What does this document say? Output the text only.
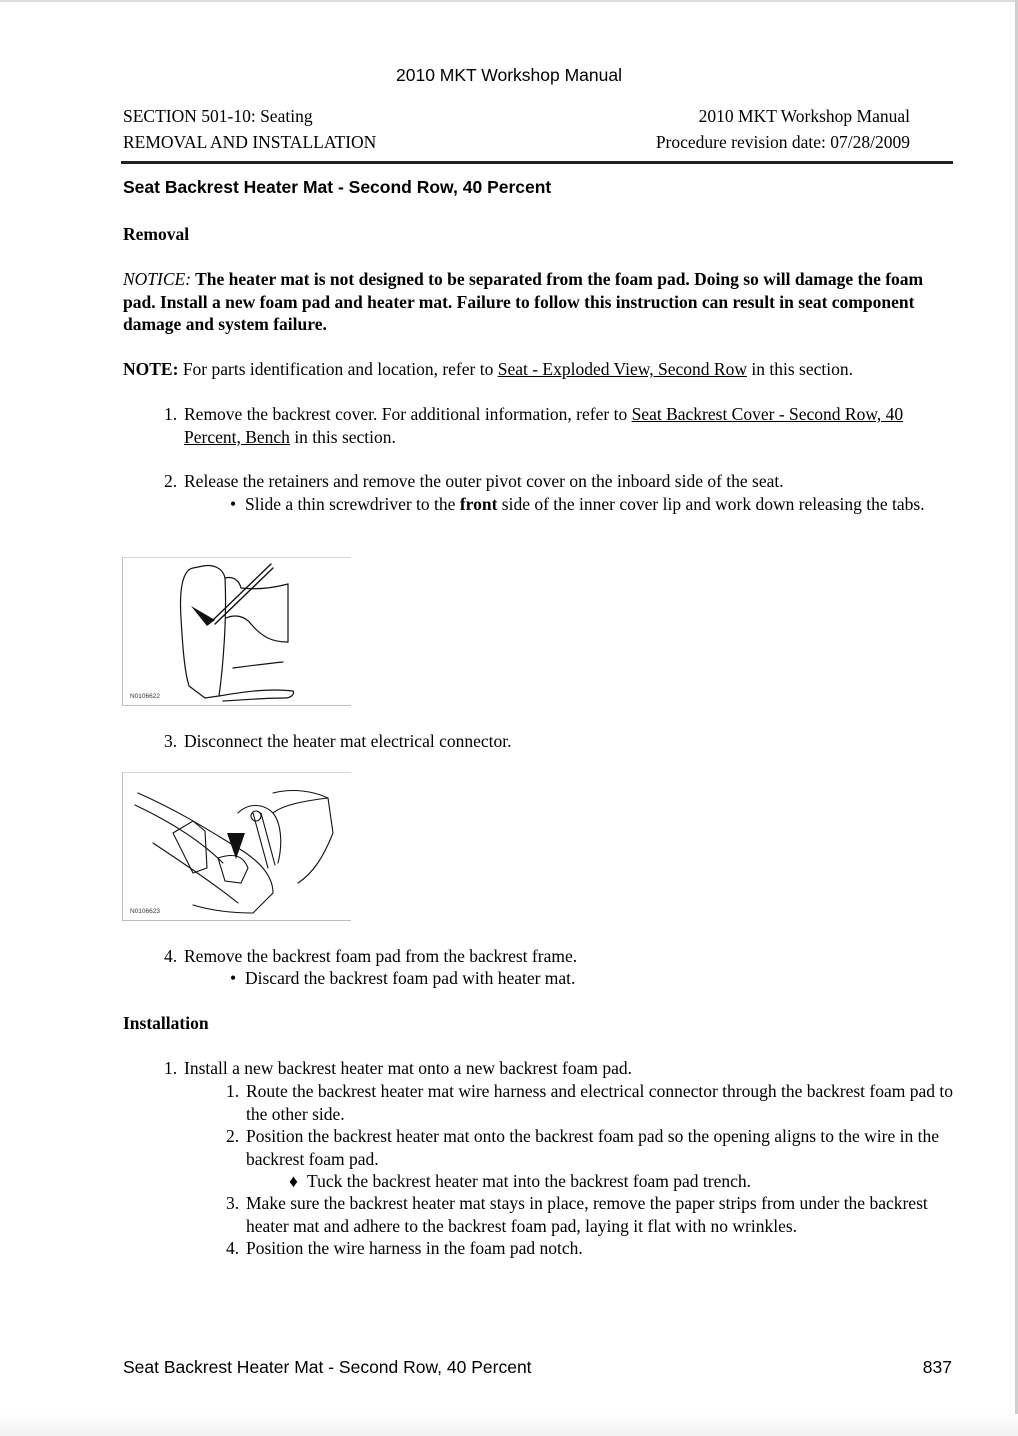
2010 MKT Workshop Manual
SECTION 501-10: Seating
REMOVAL AND INSTALLATION
2010 MKT Workshop Manual
Procedure revision date: 07/28/2009
Seat Backrest Heater Mat - Second Row, 40 Percent
Removal
NOTICE: The heater mat is not designed to be separated from the foam pad. Doing so will damage the foam pad. Install a new foam pad and heater mat. Failure to follow this instruction can result in seat component damage and system failure.
NOTE: For parts identification and location, refer to Seat - Exploded View, Second Row in this section.
1. Remove the backrest cover. For additional information, refer to Seat Backrest Cover - Second Row, 40 Percent, Bench in this section.
2. Release the retainers and remove the outer pivot cover on the inboard side of the seat.
• Slide a thin screwdriver to the front side of the inner cover lip and work down releasing the tabs.
N0106622
3. Disconnect the heater mat electrical connector.
N0106623
4. Remove the backrest foam pad from the backrest frame.
• Discard the backrest foam pad with heater mat.
Installation
1. Install a new backrest heater mat onto a new backrest foam pad.
1. Route the backrest heater mat wire harness and electrical connector through the backrest foam pad to the other side.
2. Position the backrest heater mat onto the backrest foam pad so the opening aligns to the wire in the backrest foam pad.
♦ Tuck the backrest heater mat into the backrest foam pad trench.
3. Make sure the backrest heater mat stays in place, remove the paper strips from under the backrest heater mat and adhere to the backrest foam pad, laying it flat with no wrinkles.
4. Position the wire harness in the foam pad notch.
Seat Backrest Heater Mat - Second Row, 40 Percent	837
